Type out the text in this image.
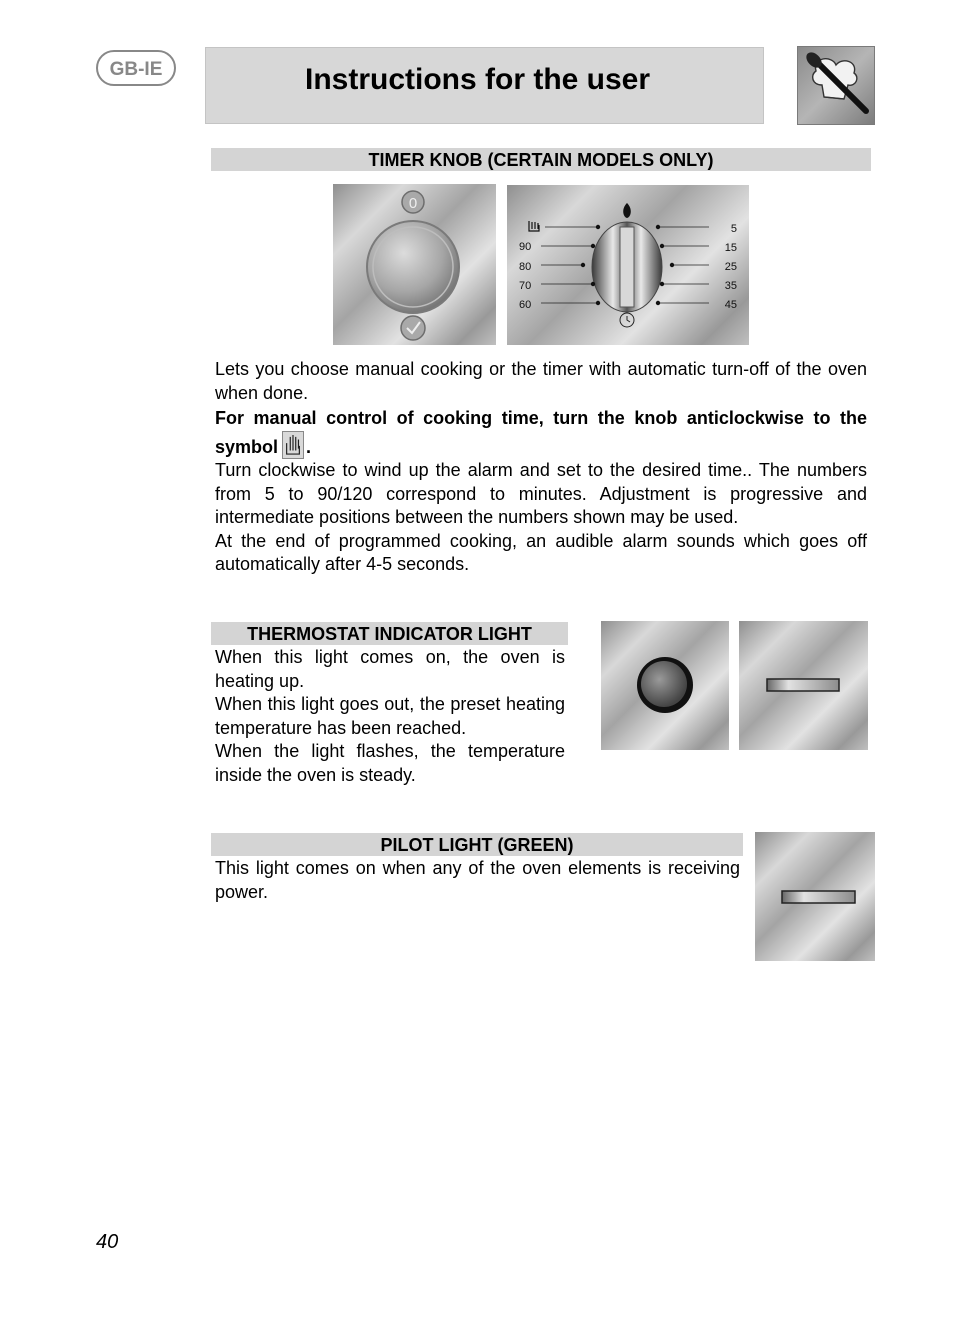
GB-IE	Instructions for the user
TIMER KNOB (CERTAIN MODELS ONLY)
0
90
80
70
60
5
15
25
35
45

Lets you choose manual cooking or the timer with automatic turn-off of the oven when done.

For manual control of cooking time, turn the knob anticlockwise to the symbol .

Turn clockwise to wind up the alarm and set to the desired time.. The numbers from 5 to 90/120 correspond to minutes. Adjustment is progressive and intermediate positions between the numbers shown may be used.

At the end of programmed cooking, an audible alarm sounds which goes off automatically after 4-5 seconds.

THERMOSTAT INDICATOR LIGHT

When this light comes on, the oven is heating up.

When this light goes out, the preset heating temperature has been reached.

When the light flashes, the temperature inside the oven is steady.

PILOT LIGHT (GREEN)

This light comes on when any of the oven elements is receiving power.

40
